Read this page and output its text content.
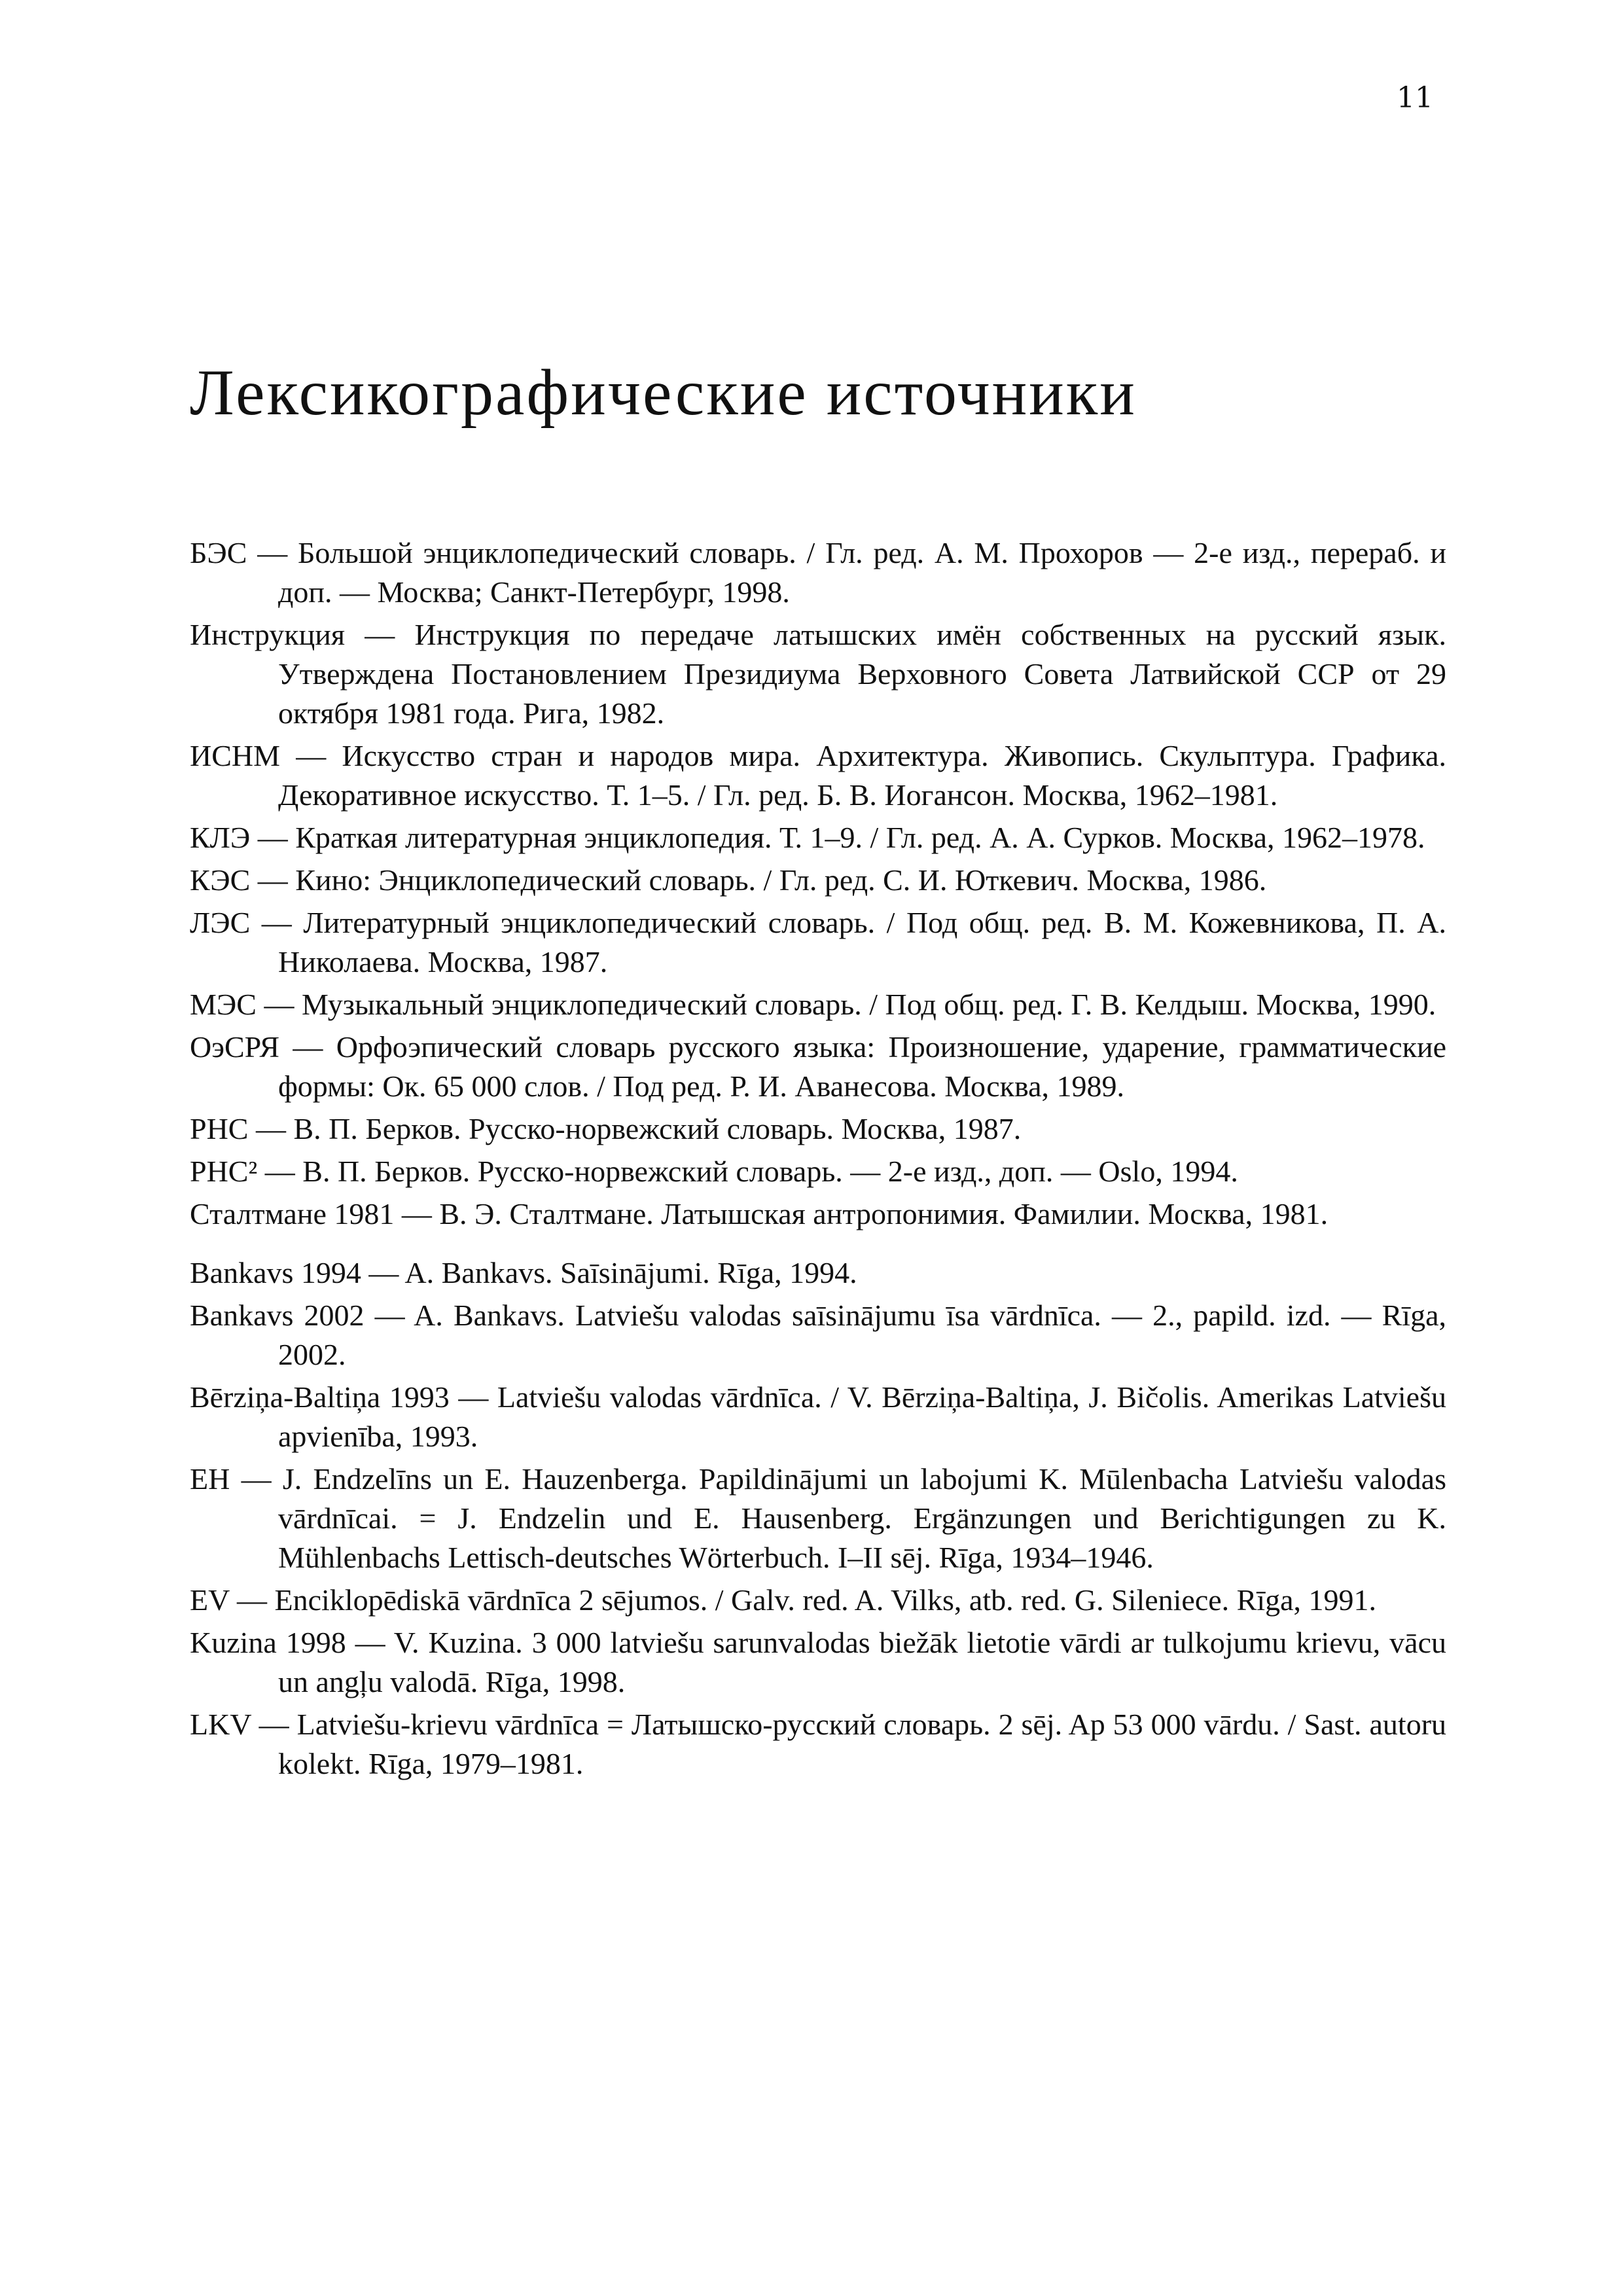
11
Лексикографические источники
БЭС — Большой энциклопедический словарь. / Гл. ред. А. М. Прохоров — 2-е изд., перераб. и доп. — Москва; Санкт-Петербург, 1998.
Инструкция — Инструкция по передаче латышских имён собственных на русский язык. Утверждена Постановлением Президиума Верховного Совета Латвийской ССР от 29 октября 1981 года. Рига, 1982.
ИСНМ — Искусство стран и народов мира. Архитектура. Живопись. Скульптура. Графика. Декоративное искусство. Т. 1–5. / Гл. ред. Б. В. Иогансон. Москва, 1962–1981.
КЛЭ — Краткая литературная энциклопедия. Т. 1–9. / Гл. ред. А. А. Сурков. Москва, 1962–1978.
КЭС — Кино: Энциклопедический словарь. / Гл. ред. С. И. Юткевич. Москва, 1986.
ЛЭС — Литературный энциклопедический словарь. / Под общ. ред. В. М. Кожевникова, П. А. Николаева. Москва, 1987.
МЭС — Музыкальный энциклопедический словарь. / Под общ. ред. Г. В. Келдыш. Москва, 1990.
ОэСРЯ — Орфоэпический словарь русского языка: Произношение, ударение, грамматические формы: Ок. 65 000 слов. / Под ред. Р. И. Аванесова. Москва, 1989.
РНС — В. П. Берков. Русско-норвежский словарь. Москва, 1987.
РНС² — В. П. Берков. Русско-норвежский словарь. — 2-е изд., доп. — Oslo, 1994.
Сталтмане 1981 — В. Э. Сталтмане. Латышская антропонимия. Фамилии. Москва, 1981.
Bankavs 1994 — A. Bankavs. Saīsinājumi. Rīga, 1994.
Bankavs 2002 — A. Bankavs. Latviešu valodas saīsinājumu īsa vārdnīca. — 2., papild. izd. — Rīga, 2002.
Bērziņa-Baltiņa 1993 — Latviešu valodas vārdnīca. / V. Bērziņa-Baltiņa, J. Bičolis. Amerikas Latviešu apvienība, 1993.
EH — J. Endzelīns un E. Hauzenberga. Papildinājumi un labojumi K. Mūlenbacha Latviešu valodas vārdnīcai. = J. Endzelin und E. Hausenberg. Ergänzungen und Berichtigungen zu K. Mühlenbachs Lettisch-deutsches Wörterbuch. I–II sēj. Rīga, 1934–1946.
EV — Enciklopēdiskā vārdnīca 2 sējumos. / Galv. red. A. Vilks, atb. red. G. Sileniece. Rīga, 1991.
Kuzina 1998 — V. Kuzina. 3 000 latviešu sarunvalodas biežāk lietotie vārdi ar tulkojumu krievu, vācu un angļu valodā. Rīga, 1998.
LKV — Latviešu-krievu vārdnīca = Латышско-русский словарь. 2 sēj. Ap 53 000 vārdu. / Sast. autoru kolekt. Rīga, 1979–1981.
